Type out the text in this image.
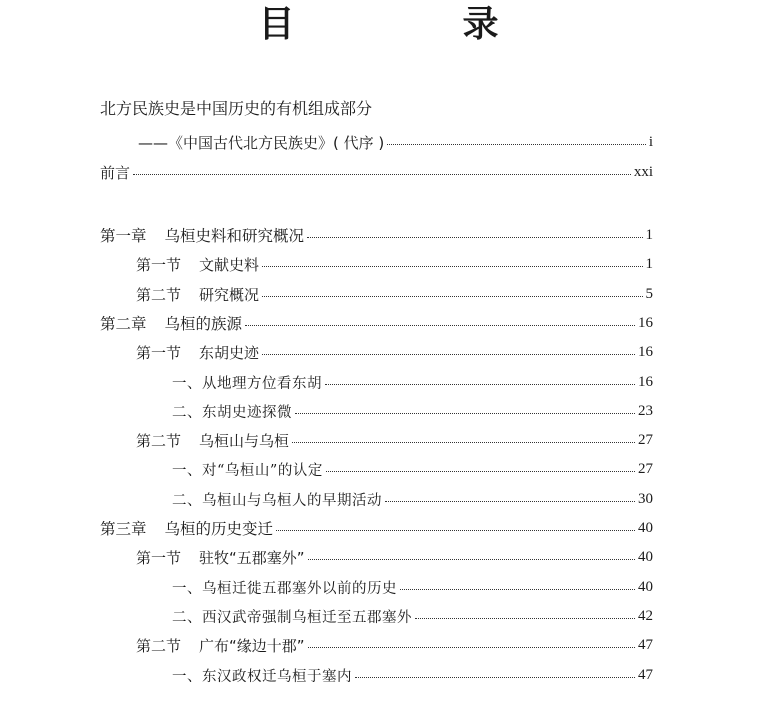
目　录
北方民族史是中国历史的有机组成部分
——《中国古代北方民族史》( 代序 )	i
前言	xxi
第一章 乌桓史料和研究概况	1
第一节 文献史料	1
第二节 研究概况	5
第二章 乌桓的族源	16
第一节 东胡史迹	16
一、从地理方位看东胡	16
二、东胡史迹探微	23
第二节 乌桓山与乌桓	27
一、对“乌桓山”的认定	27
二、乌桓山与乌桓人的早期活动	30
第三章 乌桓的历史变迁	40
第一节 驻牧“五郡塞外”	40
一、乌桓迁徙五郡塞外以前的历史	40
二、西汉武帝强制乌桓迁至五郡塞外	42
第二节 广布“缘边十郡”	47
一、东汉政权迁乌桓于塞内	47
